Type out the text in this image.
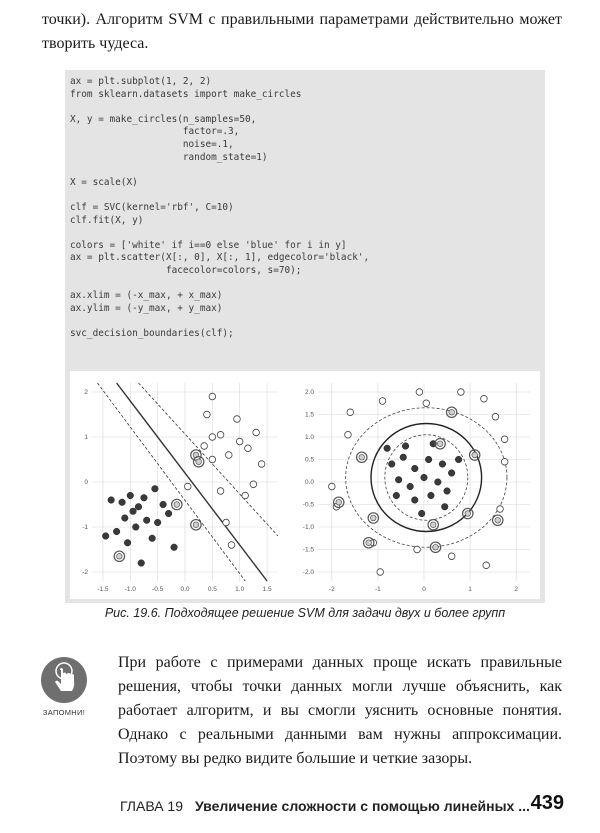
точки). Алгоритм SVM с правильными параметрами действительно может творить чудеса.

ax = plt.subplot(1, 2, 2)
from sklearn.datasets import make_circles

X, y = make_circles(n_samples=50,
factor=.3,
noise=.1,
random_state=1)

X = scale(X)

clf = SVC(kernel='rbf', C=10)
clf.fit(X, y)

colors = ['white' if i==0 else 'blue' for i in y]
ax = plt.scatter(X[:, 0], X[:, 1], edgecolor='black',
facecolor=colors, s=70);

ax.xlim = (-x_max, + x_max)
ax.ylim = (-y_max, + y_max)

svc_decision_boundaries(clf);
-1.5 -1.0 -0.5	0.0	0.5	1.0	1.5
2
1
0
-1
-2
-2	-1	0	1	2
2.0
1.5
1.0
0.5
0.0
-0.5
-1.0
-1.5
-2.0

Рис. 19.6. Подходящее решение SVM для задачи двух и более групп

ЗАПОМНИ!

При работе с примерами данных проще искать правильные решения, чтобы точки данных могли лучше объяснить, как работает алгоритм, и вы смогли уяснить основные понятия. Однако с реальными данными вам нужны аппроксимации. Поэтому вы редко видите большие и четкие зазоры.

ГЛАВА 19 Увеличение сложности с помощью линейных ... 439
